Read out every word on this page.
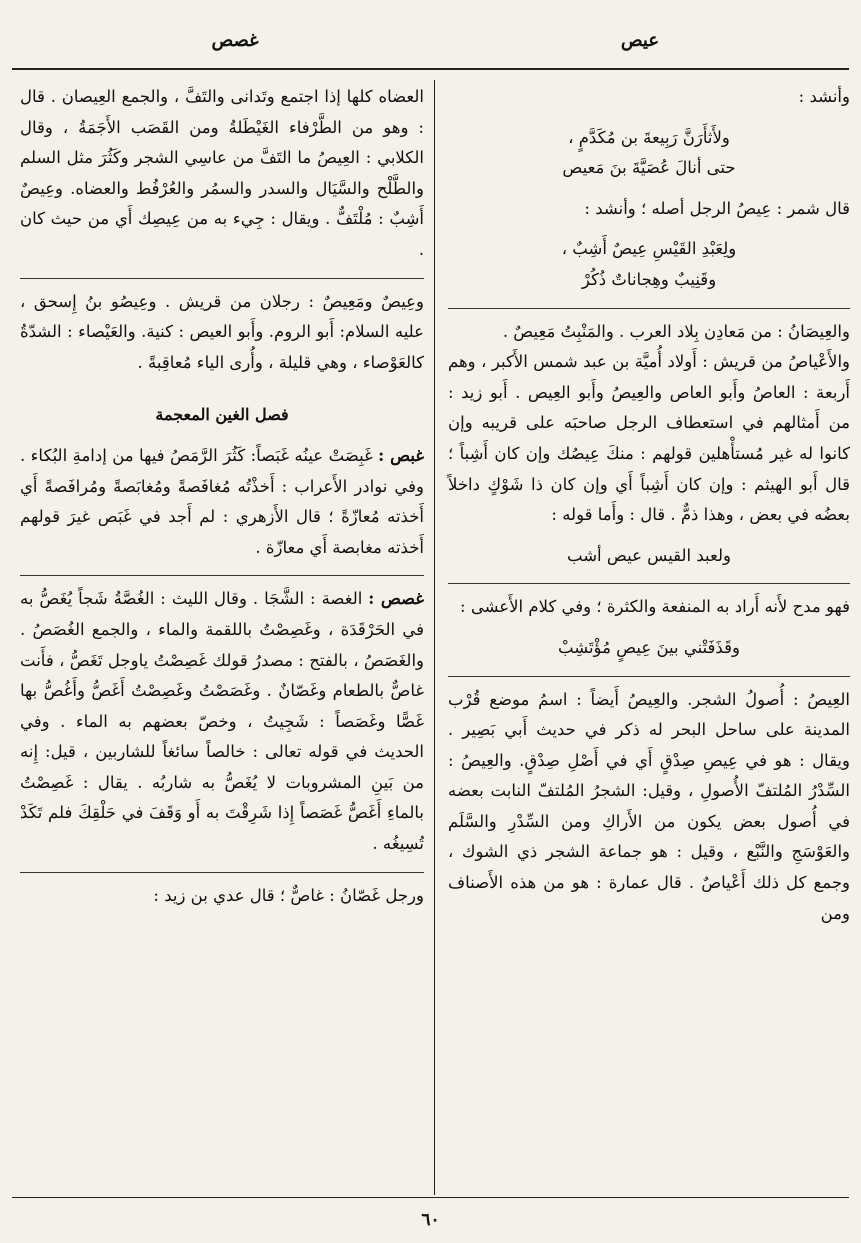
عيص
غصص

وأنشد :

ولأَثأَرَنَّ رَبِيعةَ بن مُكَدَّمٍ ،

حتى أنالَ عُصَيَّةَ بنَ مَعيص

قال شمر : عِيصُ الرجل أصله ؛ وأنشد :

ولِعَبْدِ القَيْسِ عِيصٌ أَشِبٌ ،

وقَنِيبٌ وهِجاناتٌ ذُكُرْ

والعِيصَانُ : من مَعادِن بِلاد العرب . والمَنْبِتُ مَعِيصٌ .

والأَعْياصُ من قريش : أَولاد أُميَّة بن عبد شمس الأَكبر ، وهم أَربعة : العاصُ وأَبو العاص والعِيصُ وأَبو العِيص . أَبو زيد : من أَمثالهم في استعطاف الرجل صاحبَه على قريبه وإن كانوا له غير مُستأْهلين قولهم : منكَ عِيصُك وإن كان أَشِباً ؛ قال أَبو الهيثم : وإن كان أَشِباً أَي وإن كان ذا شَوْكٍ داخلاً بعضُه في بعض ، وهذا ذمٌّ . قال : وأَما قوله :

ولعبد القيس عيص أشب

فهو مدح لأَنه أَراد به المنفعة والكثرة ؛ وفي كلام الأَعشى :

وقَذَفَتْني بينَ عِيصٍ مُؤْتَشِبْ

العِيصُ : أُصولُ الشجر. والعِيصُ أَيضاً : اسمُ موضع قُرْب المدينة على ساحل البحر له ذكر في حديث أَبي بَصِير . ويقال : هو في عِيصِ صِدْقٍ أَي في أَصْلِ صِدْقٍ. والعِيصُ : السِّدْرُ المُلتفّ الأُصولِ ، وقيل: الشجرُ المُلتفّ النابت بعضه في أُصول بعض يكون من الأَراكِ ومن السِّدْرِ والسَّلَم والعَوْسَجِ والنَّبْع ، وقيل : هو جماعة الشجر ذي الشوك ، وجمع كل ذلك أَعْياصٌ . قال عمارة : هو من هذه الأَصناف ومن

العضاه كلها إذا اجتمع وتَدانى والتَفَّ ، والجمع العِيصان . قال : وهو من الطَّرْفاء الغَيْطَلةُ ومن القَصَب الأَجَمَةُ ، وقال الكلابي : العِيصُ ما التَفَّ من عاسِي الشجر وكَثُرَ مثل السلم والطَّلْح والسَّيَال والسدر والسمُر والعُرْفُط والعضاه. وعِيصٌ أَشِبٌ : مُلْتَفٌّ . ويقال : جِيء به من عِيصِك أَي من حيث كان .

وعِيصٌ ومَعِيصٌ : رجلان من قريش . وعِيصُو بنُ إِسحق ، عليه السلام: أَبو الروم. وأَبو العيص : كنية. والعَيْصاء : الشدّةُ كالعَوْصاء ، وهي قليلة ، وأُرى الياء مُعاقِبةً .

فصل الغين المعجمة

غبص : غَبِصَتْ عينُه غَبَصاً: كَثُرَ الرَّمَصُ فيها من إدامةِ البُكاء . وفي نوادر الأَعراب : أَخذْتُه مُغافَصةً ومُغابَصةً ومُرافَصةً أَي أَخذته مُعازّةً ؛ قال الأَزهري : لم أَجد في غَبَص غيرَ قولهم أَخذته مغابصة أَي معازّة .

غصص : الغصة : الشَّجَا . وقال الليث : الغُصَّةُ شَجاً يُغَصُّ به في الحَرْقَدَة ، وغَصِصْتُ باللقمة والماء ، والجمع الغُصَصُ . والغَصَصُ ، بالفتح : مصدرُ قولك غَصِصْتُ ياوجل تَغَصُّ ، فأَنت غاصٌّ بالطعام وغَصّانٌ . وغَصَصْتُ وغَصِصْتُ أَغَصُّ وأَغُصُّ بها غَصًّا وغَصَصاً : شَجِيتُ ، وخصّ بعضهم به الماء . وفي الحديث في قوله تعالى : خالصاً سائغاً للشاربين ، قيل: إِنه من بَينِ المشروبات لا يُغَصُّ به شاربُه . يقال : غَصِصْتُ بالماءِ أَغَصُّ غَصَصاً إِذا شَرِقْتَ به أَو وَقَفَ في حَلْقِكَ فلم تَكَدْ تُسِيغُه .

ورجل غَصّانُ : غاصٌّ ؛ قال عدي بن زيد :

٦٠
